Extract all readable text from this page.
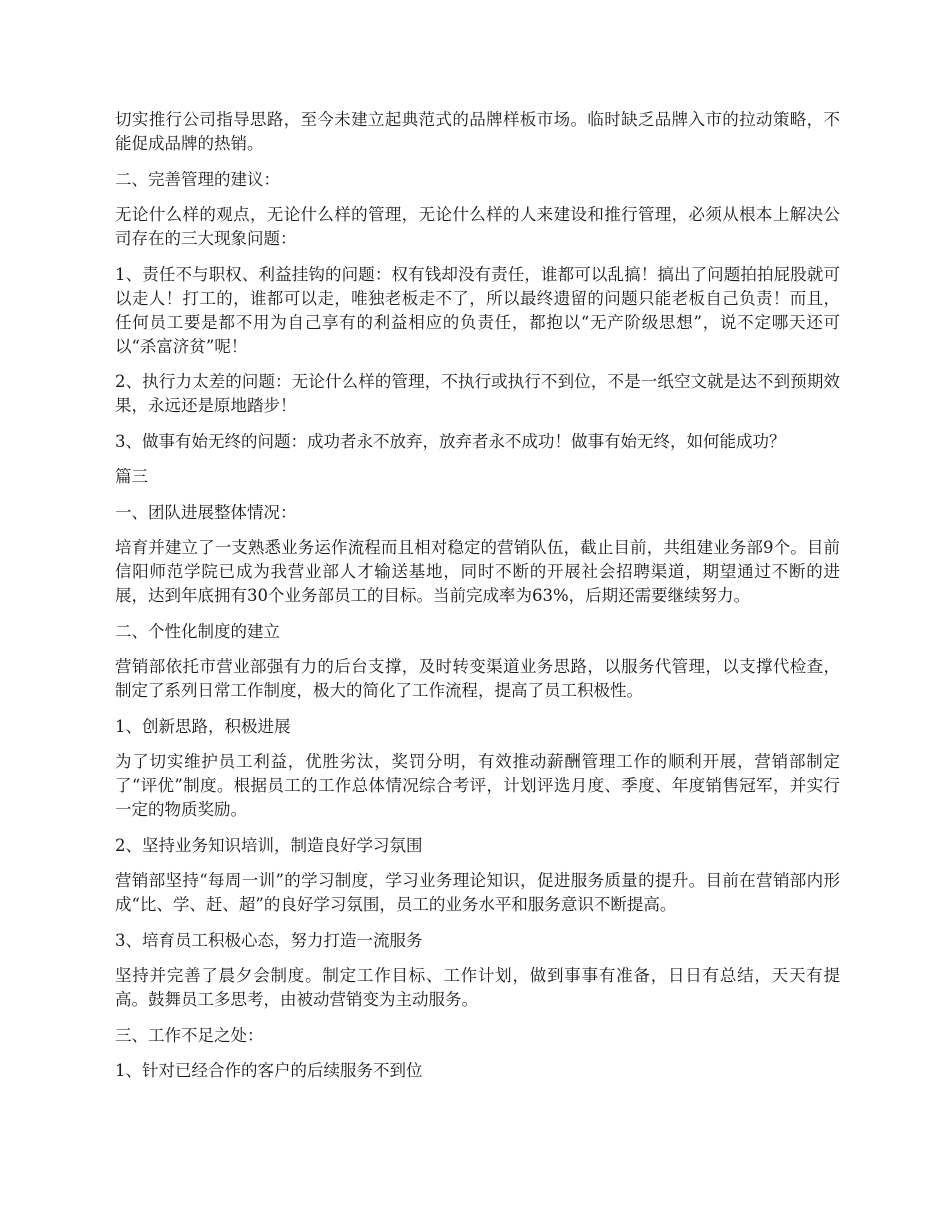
切实推行公司指导思路，至今未建立起典范式的品牌样板市场。临时缺乏品牌入市的拉动策略，不能促成品牌的热销。

二、完善管理的建议：

无论什么样的观点，无论什么样的管理，无论什么样的人来建设和推行管理，必须从根本上解决公司存在的三大现象问题：

1、责任不与职权、利益挂钩的问题：权有钱却没有责任，谁都可以乱搞！搞出了问题拍拍屁股就可以走人！打工的，谁都可以走，唯独老板走不了，所以最终遗留的问题只能老板自己负责！而且，任何员工要是都不用为自己享有的利益相应的负责任，都抱以“无产阶级思想”，说不定哪天还可以“杀富济贫”呢！

2、执行力太差的问题：无论什么样的管理，不执行或执行不到位，不是一纸空文就是达不到预期效果，永远还是原地踏步！

3、做事有始无终的问题：成功者永不放弃，放弃者永不成功！做事有始无终，如何能成功？

篇三

一、团队进展整体情况：

培育并建立了一支熟悉业务运作流程而且相对稳定的营销队伍，截止目前，共组建业务部9个。目前信阳师范学院已成为我营业部人才输送基地，同时不断的开展社会招聘渠道，期望通过不断的进展，达到年底拥有30个业务部员工的目标。当前完成率为63%，后期还需要继续努力。

二、个性化制度的建立

营销部依托市营业部强有力的后台支撑，及时转变渠道业务思路，以服务代管理，以支撑代检查，制定了系列日常工作制度，极大的简化了工作流程，提高了员工积极性。

1、创新思路，积极进展

为了切实维护员工利益，优胜劣汰，奖罚分明，有效推动薪酬管理工作的顺利开展，营销部制定了“评优”制度。根据员工的工作总体情况综合考评，计划评选月度、季度、年度销售冠军，并实行一定的物质奖励。

2、坚持业务知识培训，制造良好学习氛围

营销部坚持“每周一训”的学习制度，学习业务理论知识，促进服务质量的提升。目前在营销部内形成“比、学、赶、超”的良好学习氛围，员工的业务水平和服务意识不断提高。

3、培育员工积极心态，努力打造一流服务

坚持并完善了晨夕会制度。制定工作目标、工作计划，做到事事有准备，日日有总结，天天有提高。鼓舞员工多思考，由被动营销变为主动服务。

三、工作不足之处：

1、针对已经合作的客户的后续服务不到位
